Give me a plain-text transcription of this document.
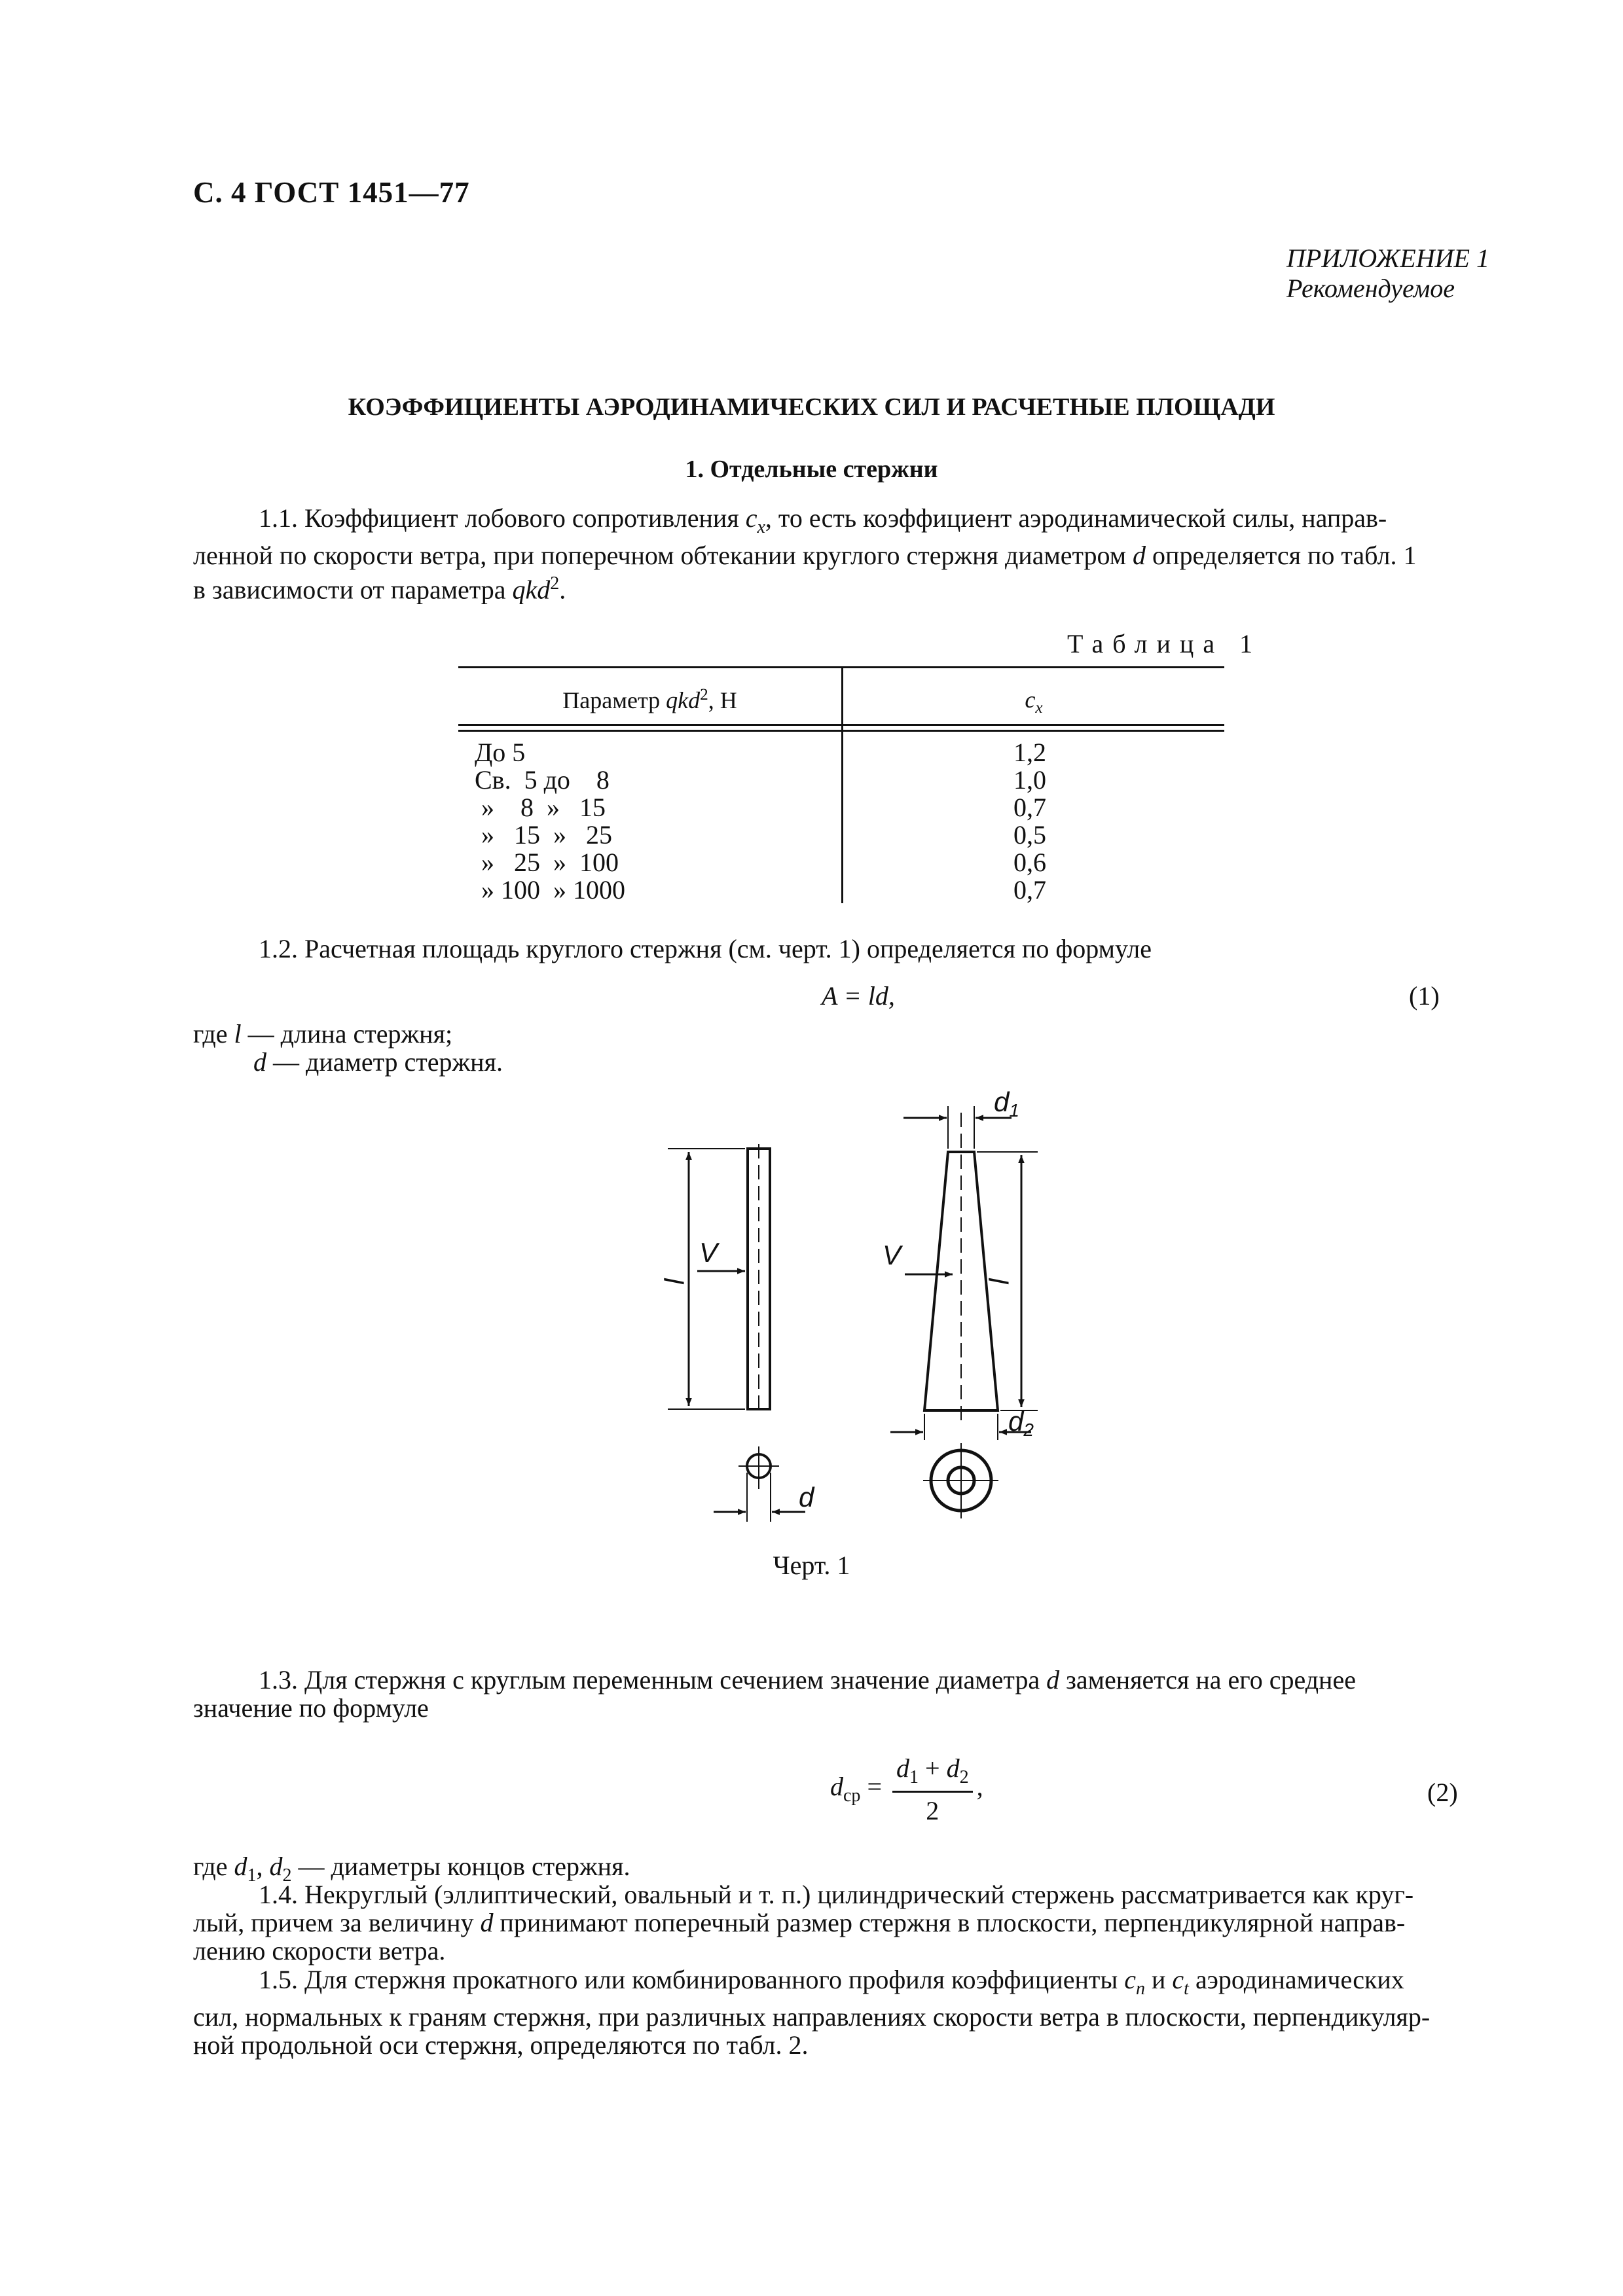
С. 4 ГОСТ 1451—77
ПРИЛОЖЕНИЕ 1
Рекомендуемое
КОЭФФИЦИЕНТЫ АЭРОДИНАМИЧЕСКИХ СИЛ И РАСЧЕТНЫЕ ПЛОЩАДИ
1. Отдельные стержни
1.1. Коэффициент лобового сопротивления $c_x$, то есть коэффициент аэродинамической силы, направ-
ленной по скорости ветра, при поперечном обтекании круглого стержня диаметром d определяется по табл. 1
в зависимости от параметра qkd$^2$.
Таблица 1
Параметр qkd$^2$, Н	$c_x$
До 5	1,2
Св.  5 до    8	1,0
»    8  »   15	0,7
»   15  »   25	0,5
»   25  »  100	0,6
» 100  » 1000	0,7
1.2. Расчетная площадь круглого стержня (см. черт. 1) определяется по формуле
A = ld,	(1)
где l — длина стержня;
d — диаметр стержня.
V	V
l	l
d
d1
d2
Черт. 1
1.3. Для стержня с круглым переменным сечением значение диаметра d заменяется на его среднее
значение по формуле
$d_{ср} = \frac{d_1 + d_2}{2}$ ,	(2)
где $d_1$, $d_2$ — диаметры концов стержня.
1.4. Некруглый (эллиптический, овальный и т. п.) цилиндрический стержень рассматривается как круг-
лый, причем за величину d принимают поперечный размер стержня в плоскости, перпендикулярной направ-
лению скорости ветра.
1.5. Для стержня прокатного или комбинированного профиля коэффициенты $c_n$ и $c_t$ аэродинамических
сил, нормальных к граням стержня, при различных направлениях скорости ветра в плоскости, перпендикуляр-
ной продольной оси стержня, определяются по табл. 2.
